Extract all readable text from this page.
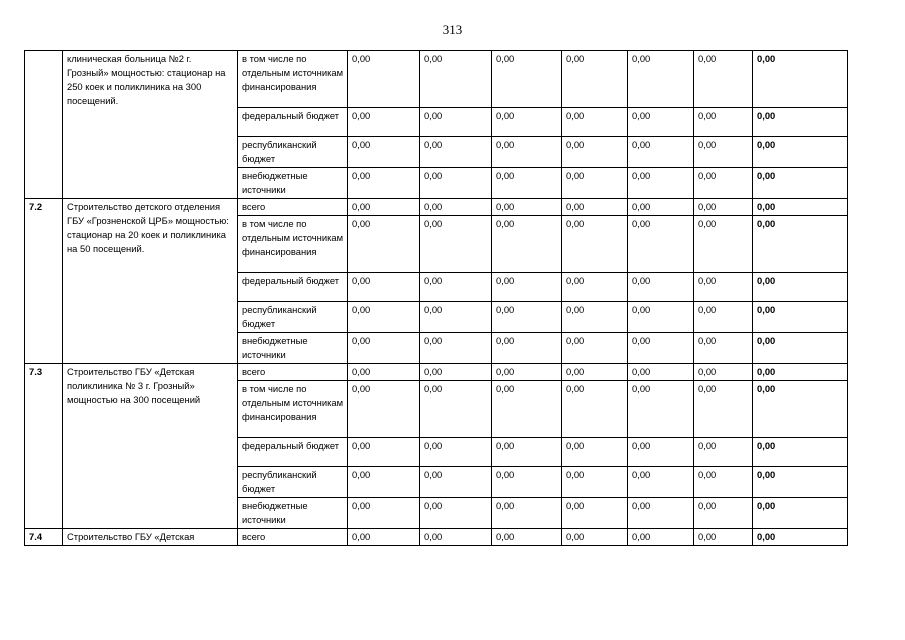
313
	клиническая больница №2 г. Грозный» мощностью: стационар на 250 коек и поликлиника на 300 посещений.	в том числе по отдельным источникам финансирования	0,00	0,00	0,00	0,00	0,00	0,00	0,00
		федеральный бюджет	0,00	0,00	0,00	0,00	0,00	0,00	0,00
		республиканский бюджет	0,00	0,00	0,00	0,00	0,00	0,00	0,00
		внебюджетные источники	0,00	0,00	0,00	0,00	0,00	0,00	0,00
7.2	Строительство детского отделения ГБУ «Грозненской ЦРБ» мощностью: стационар на 20 коек и поликлиника на 50 посещений.	всего	0,00	0,00	0,00	0,00	0,00	0,00	0,00
		в том числе по отдельным источникам финансирования	0,00	0,00	0,00	0,00	0,00	0,00	0,00
		федеральный бюджет	0,00	0,00	0,00	0,00	0,00	0,00	0,00
		республиканский бюджет	0,00	0,00	0,00	0,00	0,00	0,00	0,00
		внебюджетные источники	0,00	0,00	0,00	0,00	0,00	0,00	0,00
7.3	Строительство ГБУ «Детская поликлиника № 3 г. Грозный» мощностью на 300 посещений	всего	0,00	0,00	0,00	0,00	0,00	0,00	0,00
		в том числе по отдельным источникам финансирования	0,00	0,00	0,00	0,00	0,00	0,00	0,00
		федеральный бюджет	0,00	0,00	0,00	0,00	0,00	0,00	0,00
		республиканский бюджет	0,00	0,00	0,00	0,00	0,00	0,00	0,00
		внебюджетные источники	0,00	0,00	0,00	0,00	0,00	0,00	0,00
7.4	Строительство ГБУ «Детская	всего	0,00	0,00	0,00	0,00	0,00	0,00	0,00
